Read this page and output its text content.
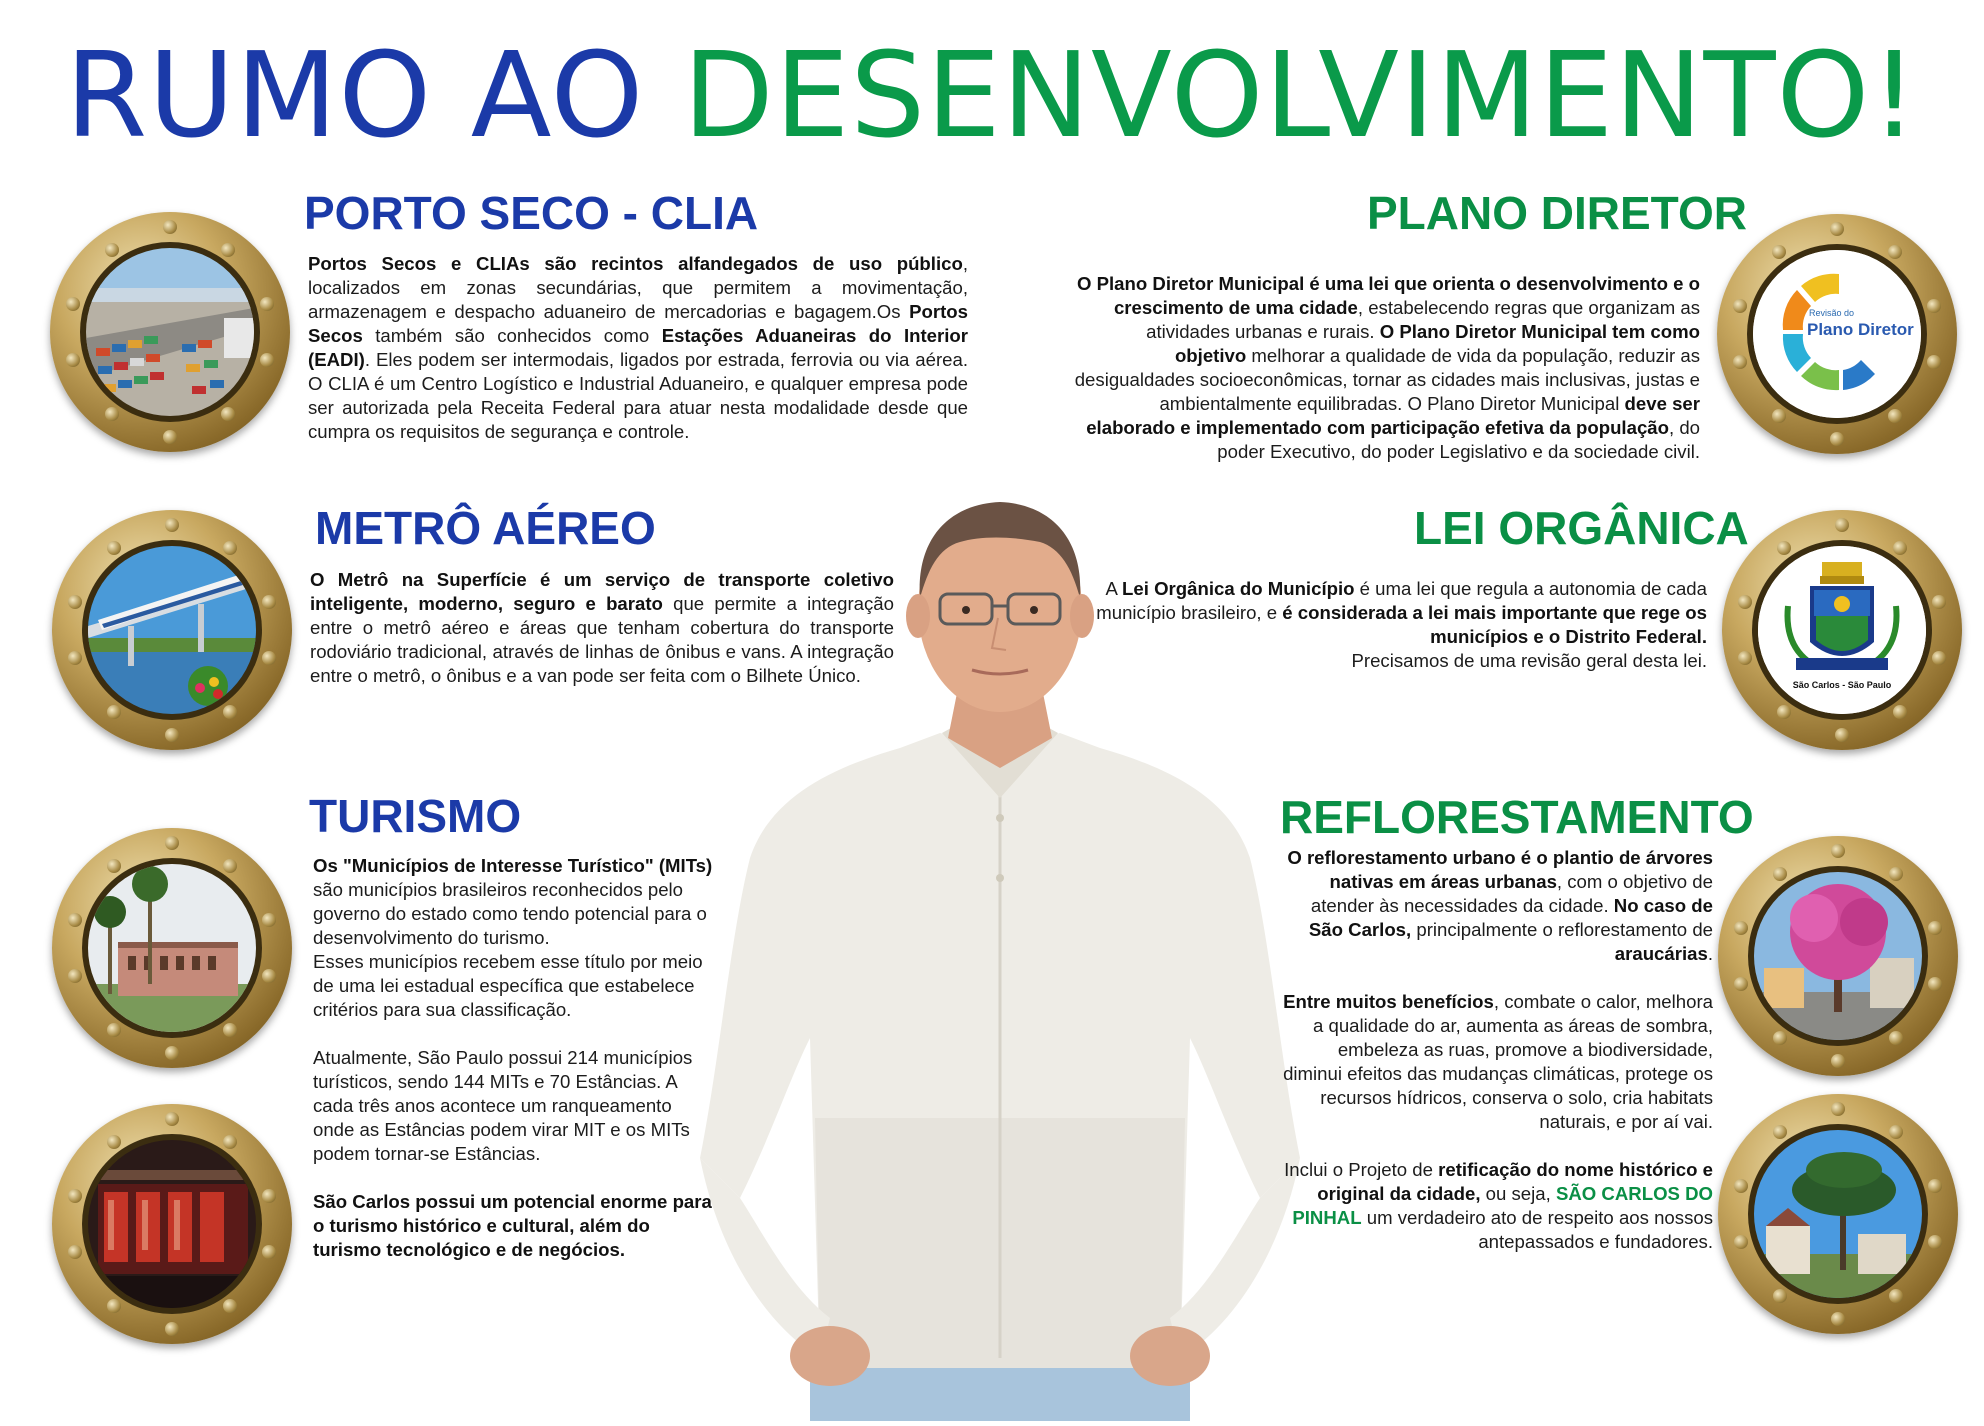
RUMO AO DESENVOLVIMENTO!
PORTO SECO - CLIA
Portos Secos e CLIAs são recintos alfandegados de uso público, localizados em zonas secundárias, que permitem a movimentação, armazenagem e despacho aduaneiro de mercadorias e bagagem.Os Portos Secos também são conhecidos como Estações Aduaneiras do Interior (EADI). Eles podem ser intermodais, ligados por estrada, ferrovia ou via aérea. O CLIA é um Centro Logístico e Industrial Aduaneiro, e qualquer empresa pode ser autorizada pela Receita Federal para atuar nesta modalidade desde que cumpra os requisitos de segurança e controle.
METRÔ AÉREO
O Metrô na Superfície é um serviço de transporte coletivo inteligente, moderno, seguro e barato que permite a integração entre o metrô aéreo e áreas que tenham cobertura do transporte rodoviário tradicional, através de linhas de ônibus e vans. A integração entre o metrô, o ônibus e a van pode ser feita com o Bilhete Único.
TURISMO

Os "Municípios de Interesse Turístico" (MITs)

são municípios brasileiros reconhecidos pelo governo do estado como tendo potencial para o desenvolvimento do turismo.

Esses municípios recebem esse título por meio de uma lei estadual específica que estabelece critérios para sua classificação.

Atualmente, São Paulo possui 214 municípios turísticos, sendo 144 MITs e 70 Estâncias. A cada três anos acontece um ranqueamento onde as Estâncias podem virar MIT e os MITs podem tornar-se Estâncias.

São Carlos possui um potencial enorme para o turismo histórico e cultural, além do turismo tecnológico e de negócios.

Revisão do
Plano Diretor
PLANO DIRETOR
O Plano Diretor Municipal é uma lei que orienta o desenvolvimento e o crescimento de uma cidade, estabelecendo regras que organizam as atividades urbanas e rurais. O Plano Diretor Municipal tem como objetivo melhorar a qualidade de vida da população, reduzir as desigualdades socioeconômicas, tornar as cidades mais inclusivas, justas e ambientalmente equilibradas. O Plano Diretor Municipal deve ser elaborado e implementado com participação efetiva da população, do poder Executivo, do poder Legislativo e da sociedade civil.
São Carlos - São Paulo
LEI ORGÂNICA
A Lei Orgânica do Município é uma lei que regula a autonomia de cada município brasileiro, e é considerada a lei mais importante que rege os municípios e o Distrito Federal.

Precisamos de uma revisão geral desta lei.

REFLORESTAMENTO
O reflorestamento urbano é o plantio de árvores nativas em áreas urbanas, com o objetivo de atender às necessidades da cidade. No caso de São Carlos, principalmente o reflorestamento de araucárias.

Entre muitos benefícios, combate o calor, melhora a qualidade do ar, aumenta as áreas de sombra, embeleza as ruas, promove a biodiversidade, diminui efeitos das mudanças climáticas, protege os recursos hídricos, conserva o solo, cria habitats naturais, e por aí vai.

Inclui o Projeto de retificação do nome histórico e original da cidade, ou seja, SÃO CARLOS DO PINHAL um verdadeiro ato de respeito aos nossos antepassados e fundadores.
